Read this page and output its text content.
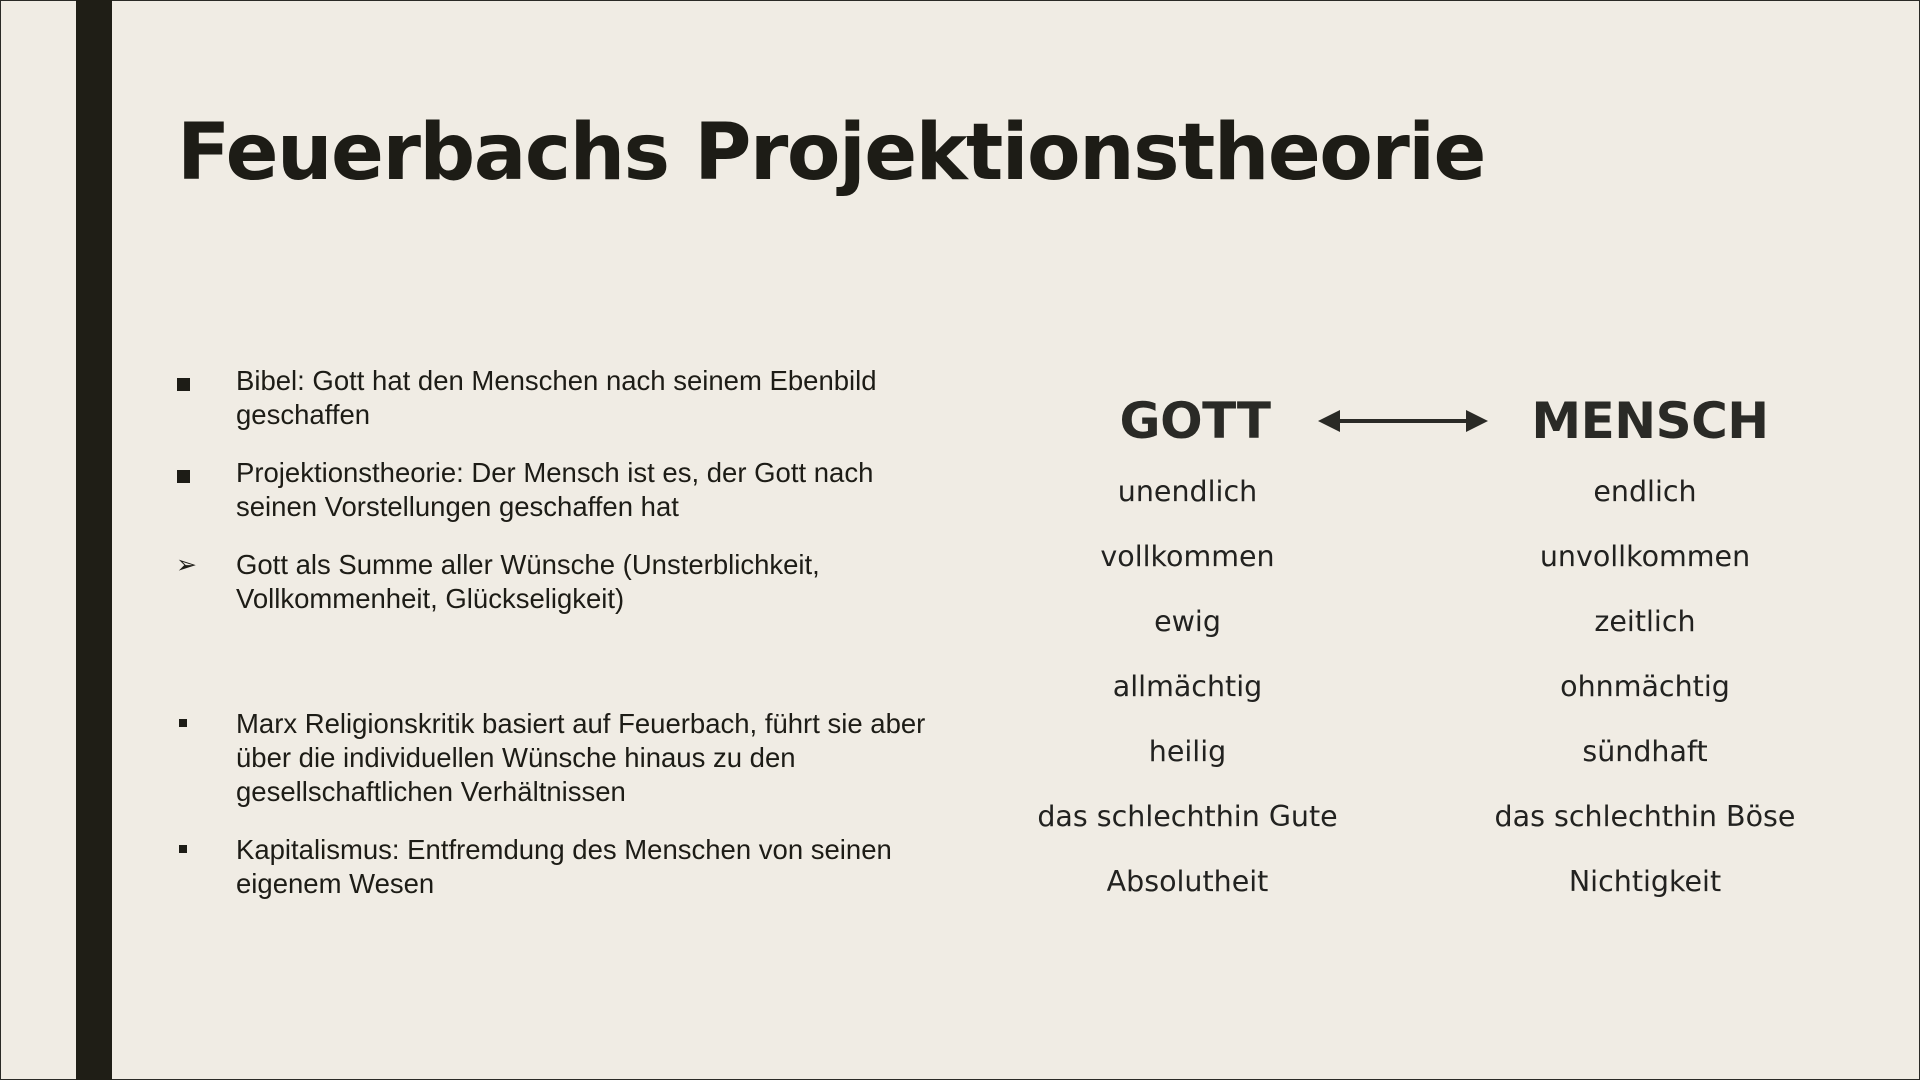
Feuerbachs Projektionstheorie
Bibel: Gott hat den Menschen nach seinem Ebenbild geschaffen
Projektionstheorie: Der Mensch ist es, der Gott nach seinen Vorstellungen geschaffen hat
➢ Gott als Summe aller Wünsche (Unsterblichkeit, Vollkommenheit, Glückseligkeit)
Marx Religionskritik basiert auf Feuerbach, führt sie aber über die individuellen Wünsche hinaus zu den gesellschaftlichen Verhältnissen
Kapitalismus: Entfremdung des Menschen von seinen eigenem Wesen
GOTT	MENSCH
unendlich	endlich
vollkommen	unvollkommen
ewig	zeitlich
allmächtig	ohnmächtig
heilig	sündhaft
das schlechthin Gute	das schlechthin Böse
Absolutheit	Nichtigkeit
